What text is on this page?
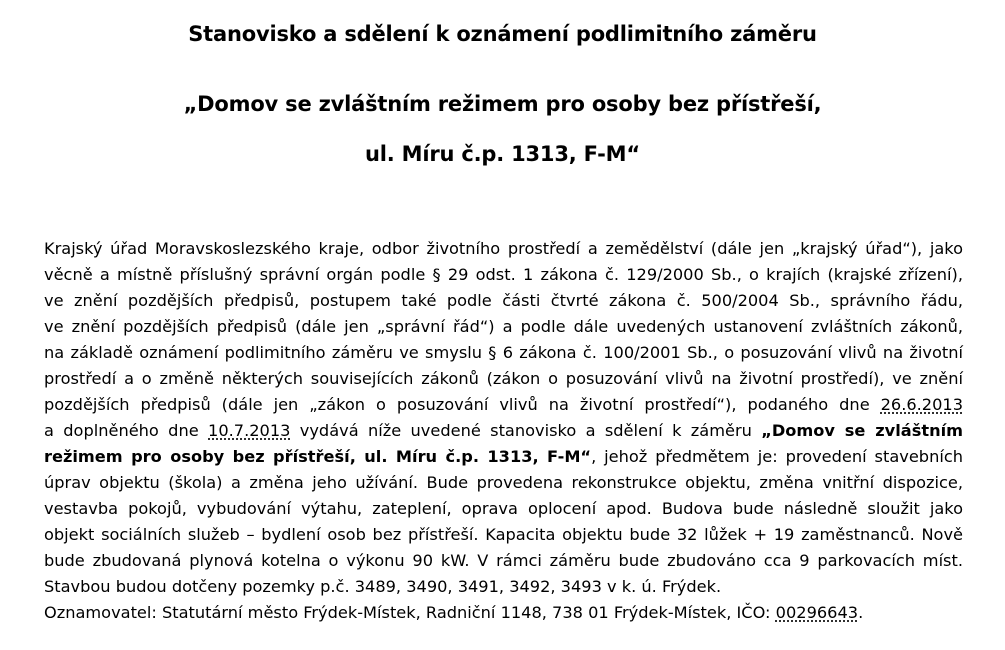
Stanovisko a sdělení k oznámení podlimitního záměru
„Domov se zvláštním režimem pro osoby bez přístřeší,
ul. Míru č.p. 1313, F-M“
Krajský úřad Moravskoslezského kraje, odbor životního prostředí a zemědělství (dále jen „krajský úřad“), jako
věcně a místně příslušný správní orgán podle § 29 odst. 1 zákona č. 129/2000 Sb., o krajích (krajské zřízení),
ve znění pozdějších předpisů, postupem také podle části čtvrté zákona č. 500/2004 Sb., správního řádu,
ve znění pozdějších předpisů (dále jen „správní řád“) a podle dále uvedených ustanovení zvláštních zákonů,
na základě oznámení podlimitního záměru ve smyslu § 6 zákona č. 100/2001 Sb., o posuzování vlivů na životní
prostředí a o změně některých souvisejících zákonů (zákon o posuzování vlivů na životní prostředí), ve znění
pozdějších předpisů (dále jen „zákon o posuzování vlivů na životní prostředí“), podaného dne 26.6.2013
a doplněného dne 10.7.2013 vydává níže uvedené stanovisko a sdělení k záměru „Domov se zvláštním
režimem pro osoby bez přístřeší, ul. Míru č.p. 1313, F-M“, jehož předmětem je: provedení stavebních
úprav objektu (škola) a změna jeho užívání. Bude provedena rekonstrukce objektu, změna vnitřní dispozice,
vestavba pokojů, vybudování výtahu, zateplení, oprava oplocení apod. Budova bude následně sloužit jako
objekt sociálních služeb – bydlení osob bez přístřeší. Kapacita objektu bude 32 lůžek + 19 zaměstnanců. Nově
bude zbudovaná plynová kotelna o výkonu 90 kW. V rámci záměru bude zbudováno cca 9 parkovacích míst.
Stavbou budou dotčeny pozemky p.č. 3489, 3490, 3491, 3492, 3493 v k. ú. Frýdek.
Oznamovatel: Statutární město Frýdek-Místek, Radniční 1148, 738 01 Frýdek-Místek, IČO: 00296643.
